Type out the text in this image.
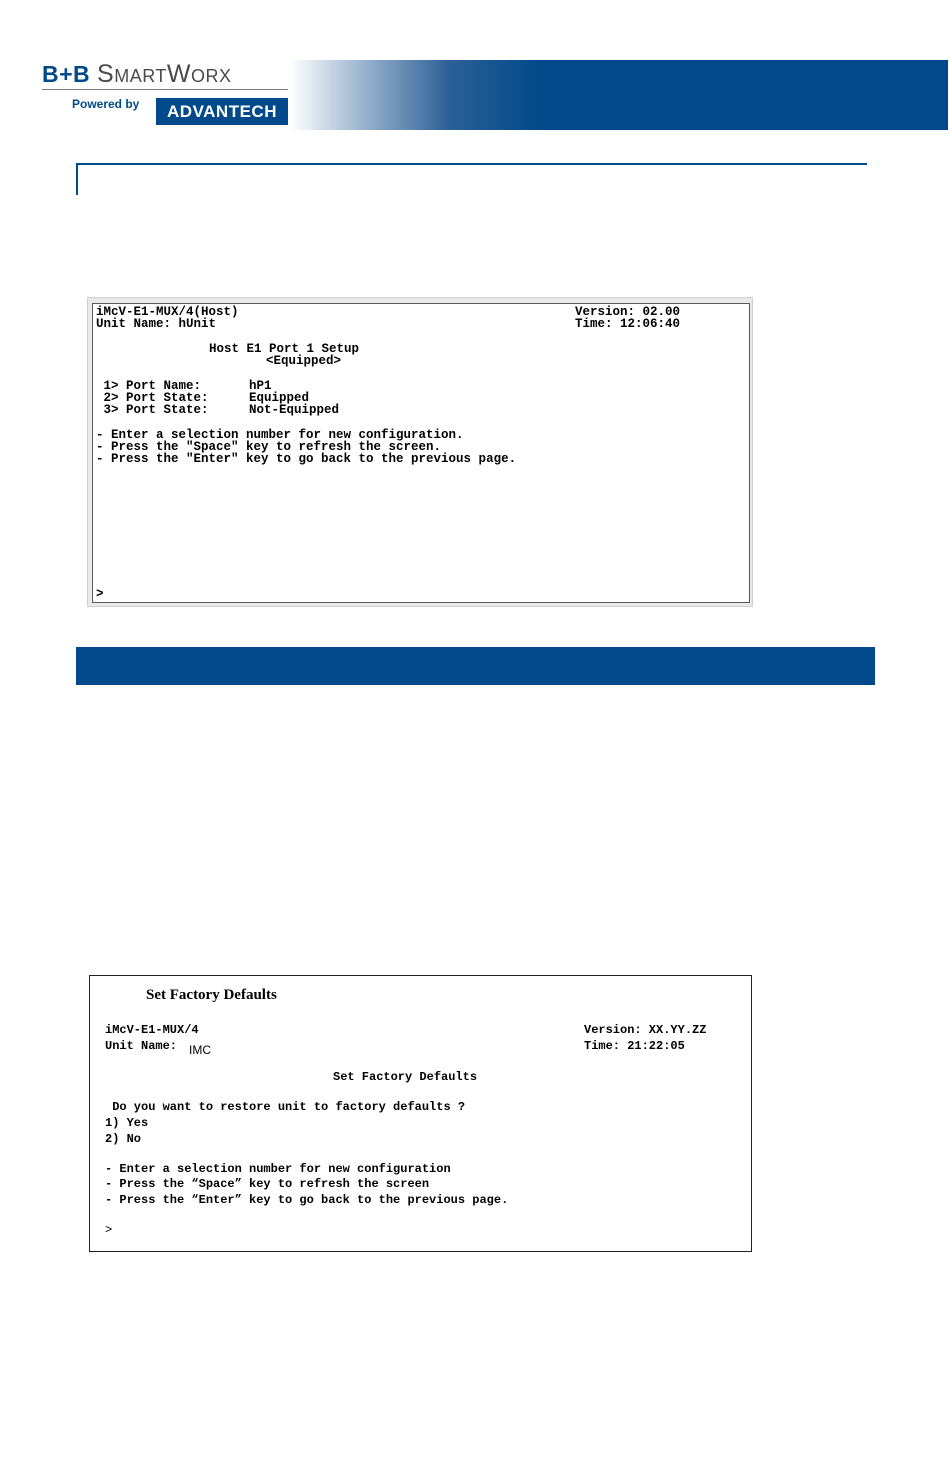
B+B SmartWorx
Powered by	ADVANTECH
iMcV-E1-MUX/4(Host)	Version: 02.00
Unit Name: hUnit	Time: 12:06:40
Host E1 Port 1 Setup
<Equipped>
1> Port Name:	hP1
2> Port State:	Equipped
3> Port State:	Not-Equipped
- Enter a selection number for new configuration.
- Press the "Space" key to refresh the screen.
- Press the "Enter" key to go back to the previous page.
>
Set Factory Defaults
iMcV-E1-MUX/4	Version: XX.YY.ZZ
Unit Name: IMC	Time: 21:22:05
Set Factory Defaults
Do you want to restore unit to factory defaults ?
1) Yes
2) No
- Enter a selection number for new configuration
- Press the “Space” key to refresh the screen
- Press the “Enter” key to go back to the previous page.
>
